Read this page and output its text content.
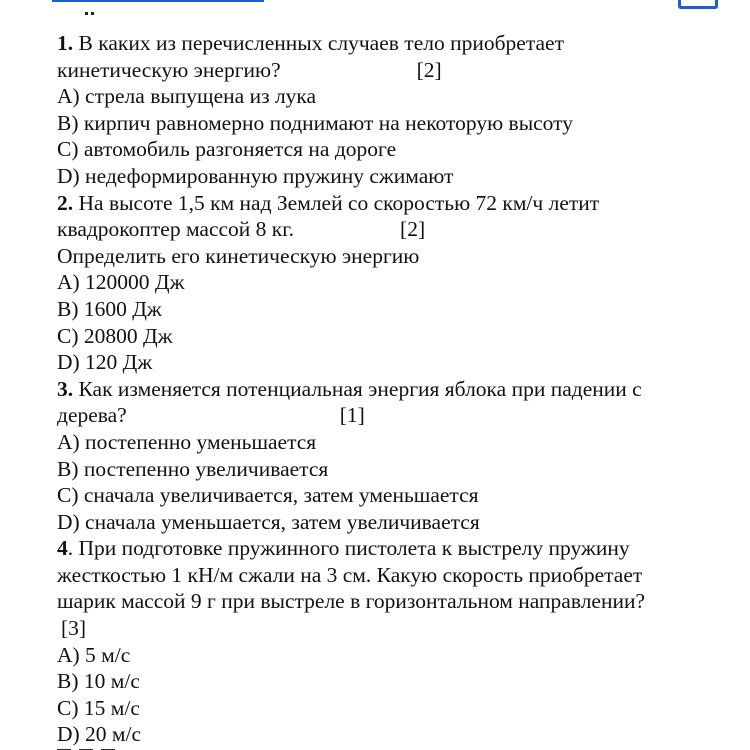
1. В каких из перечисленных случаев тело приобретает
кинетическую энергию?	[2]
A) стрела выпущена из лука
B) кирпич равномерно поднимают на некоторую высоту
C) автомобиль разгоняется на дороге
D) недеформированную пружину сжимают
2. На высоте 1,5 км над Землей со скоростью 72 км/ч летит
квадрокоптер массой 8 кг.	[2]
Определить его кинетическую энергию
A) 120000 Дж
B) 1600 Дж
C) 20800 Дж
D) 120 Дж
3. Как изменяется потенциальная энергия яблока при падении с
дерева?	[1]
A) постепенно уменьшается
B) постепенно увеличивается
C) сначала увеличивается, затем уменьшается
D) сначала уменьшается, затем увеличивается
4. При подготовке пружинного пистолета к выстрелу пружину
жесткостью 1 кН/м сжали на 3 см. Какую скорость приобретает
шарик массой 9 г при выстреле в горизонтальном направлении?
[3]
A) 5 м/с
B) 10 м/с
C) 15 м/с
D) 20 м/с
